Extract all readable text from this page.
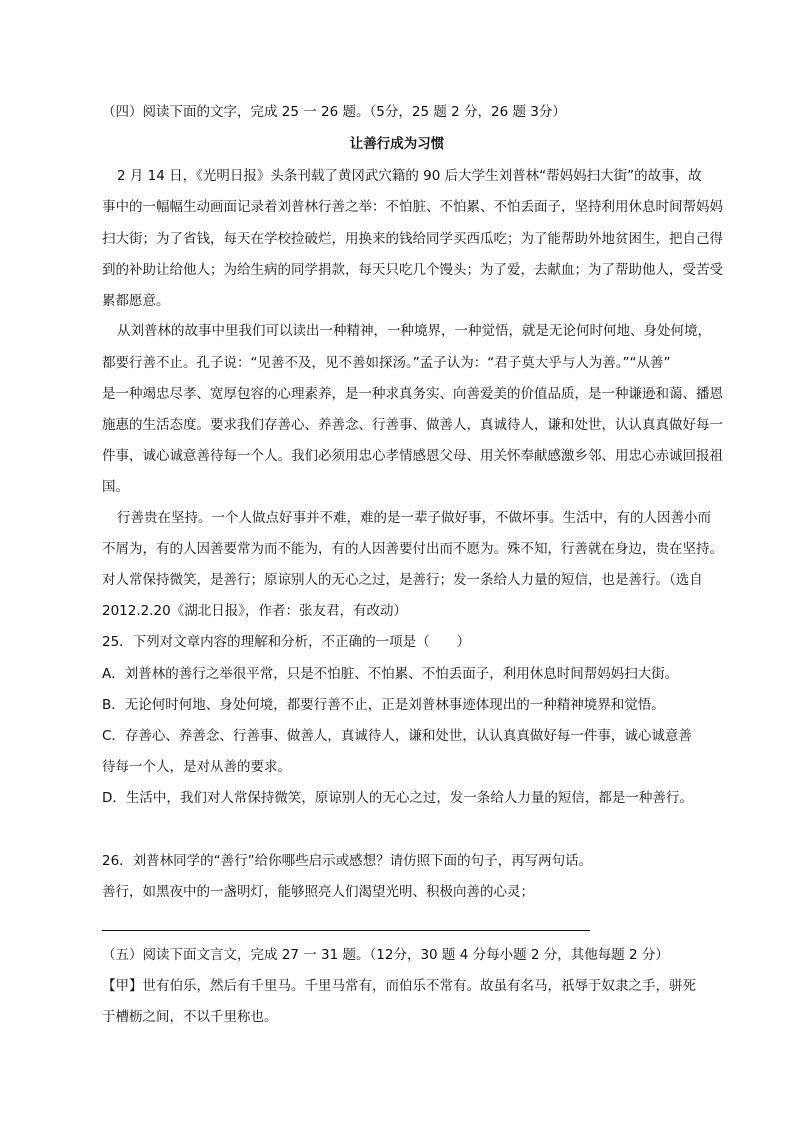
（四）阅读下面的文字，完成 25 一 26 题。（5分，25 题 2 分，26 题 3分）
让善行成为习惯
2 月 14 日，《光明日报》头条刊载了黄冈武穴籍的 90 后大学生刘普林“帮妈妈扫大街”的故事，故
事中的一幅幅生动画面记录着刘普林行善之举：不怕脏、不怕累、不怕丢面子，坚持利用休息时间帮妈妈
扫大街；为了省钱，每天在学校捡破烂，用换来的钱给同学买西瓜吃；为了能帮助外地贫困生，把自己得
到的补助让给他人；为给生病的同学捐款，每天只吃几个馒头；为了爱，去献血；为了帮助他人，受苦受
累都愿意。
从刘普林的故事中里我们可以读出一种精神，一种境界，一种觉悟，就是无论何时何地、身处何境，
都要行善不止。孔子说：“见善不及，见不善如探汤。”孟子认为：“君子莫大乎与人为善。”“从善”
是一种竭忠尽孝、宽厚包容的心理素养，是一种求真务实、向善爱美的价值品质，是一种谦逊和蔼、播恩
施惠的生活态度。要求我们存善心、养善念、行善事、做善人，真诚待人，谦和处世，认认真真做好每一
件事，诚心诚意善待每一个人。我们必须用忠心孝情感恩父母、用关怀奉献感激乡邻、用忠心赤诚回报祖
国。
行善贵在坚持。一个人做点好事并不难，难的是一辈子做好事，不做坏事。生活中，有的人因善小而
不屑为，有的人因善要常为而不能为，有的人因善要付出而不愿为。殊不知，行善就在身边，贵在坚持。
对人常保持微笑，是善行；原谅别人的无心之过，是善行；发一条给人力量的短信，也是善行。（选自
2012.2.20《湖北日报》，作者：张友君，有改动）
25．下列对文章内容的理解和分析，不正确的一项是（　　）
A．刘普林的善行之举很平常，只是不怕脏、不怕累、不怕丢面子，利用休息时间帮妈妈扫大街。
B．无论何时何地、身处何境，都要行善不止，正是刘普林事迹体现出的一种精神境界和觉悟。
C．存善心、养善念、行善事、做善人，真诚待人，谦和处世，认认真真做好每一件事，诚心诚意善
待每一个人，是对从善的要求。
D．生活中，我们对人常保持微笑，原谅别人的无心之过，发一条给人力量的短信，都是一种善行。
26．刘普林同学的“善行”给你哪些启示或感想？请仿照下面的句子，再写两句话。
善行，如黑夜中的一盏明灯，能够照亮人们渴望光明、积极向善的心灵；
（五）阅读下面文言文，完成 27 一 31 题。（12分，30 题 4 分每小题 2 分，其他每题 2 分）
【甲】世有伯乐，然后有千里马。千里马常有，而伯乐不常有。故虽有名马，祇辱于奴隶之手，骈死
于槽枥之间，不以千里称也。
